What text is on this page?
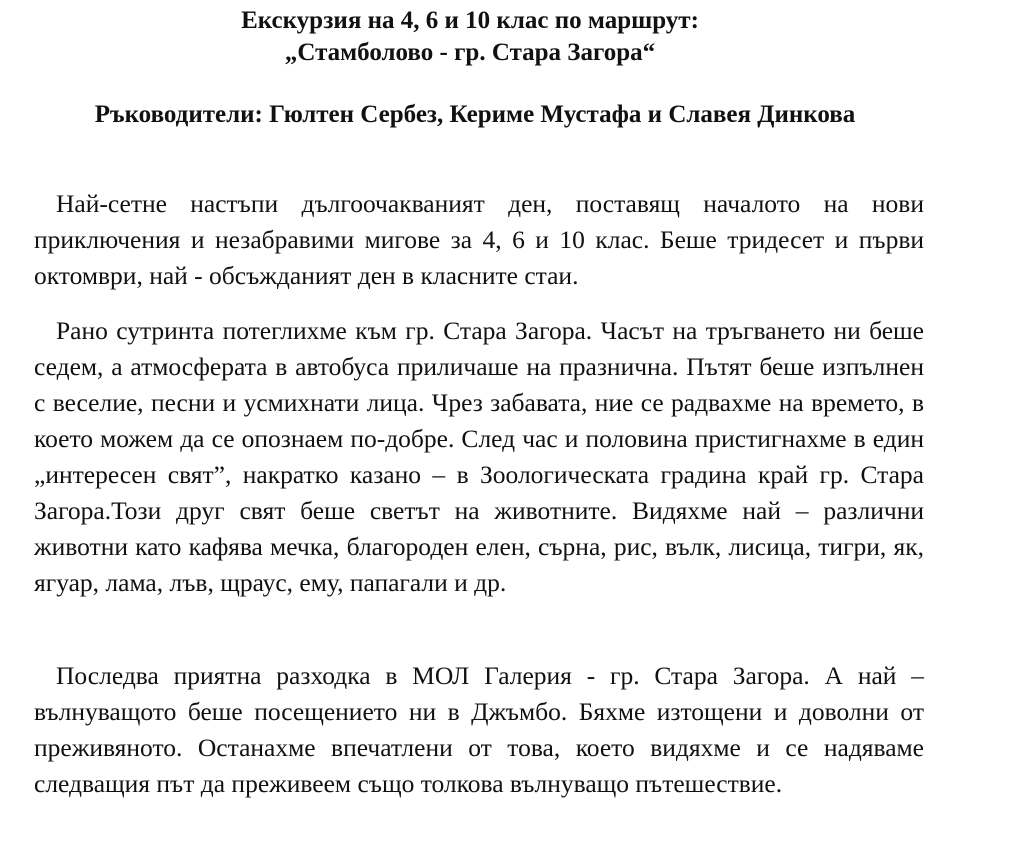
Екскурзия на 4, 6 и 10 клас по маршрут:
„Стамболово - гр. Стара Загора“
Ръководители: Гюлтен Сербез, Кериме Мустафа и Славея Динкова

Най-сетне настъпи дългоочакваният ден, поставящ началото на нови приключения и незабравими мигове за 4, 6 и 10 клас. Беше тридесет и първи октомври, най - обсъжданият ден в класните стаи.

Рано сутринта потеглихме към гр. Стара Загора. Часът на тръгването ни беше седем, а атмосферата в автобуса приличаше на празнична. Пътят беше изпълнен с веселие, песни и усмихнати лица. Чрез забавата, ние се радвахме на времето, в което можем да се опознаем по-добре. След час и половина пристигнахме в един „интересен свят”, накратко казано – в Зоологическата градина край гр. Стара Загора.Този друг свят беше светът на животните. Видяхме най – различни животни като кафява мечка, благороден елен, сърна, рис, вълк, лисица, тигри, як, ягуар, лама, лъв, щраус, ему, папагали и др.

Последва приятна разходка в МОЛ Галерия - гр. Стара Загора. А най – вълнуващото беше посещението ни в Джъмбо. Бяхме изтощени и доволни от преживяното. Останахме впечатлени от това, което видяхме и се надяваме следващия път да преживеем също толкова вълнуващо пътешествие.
